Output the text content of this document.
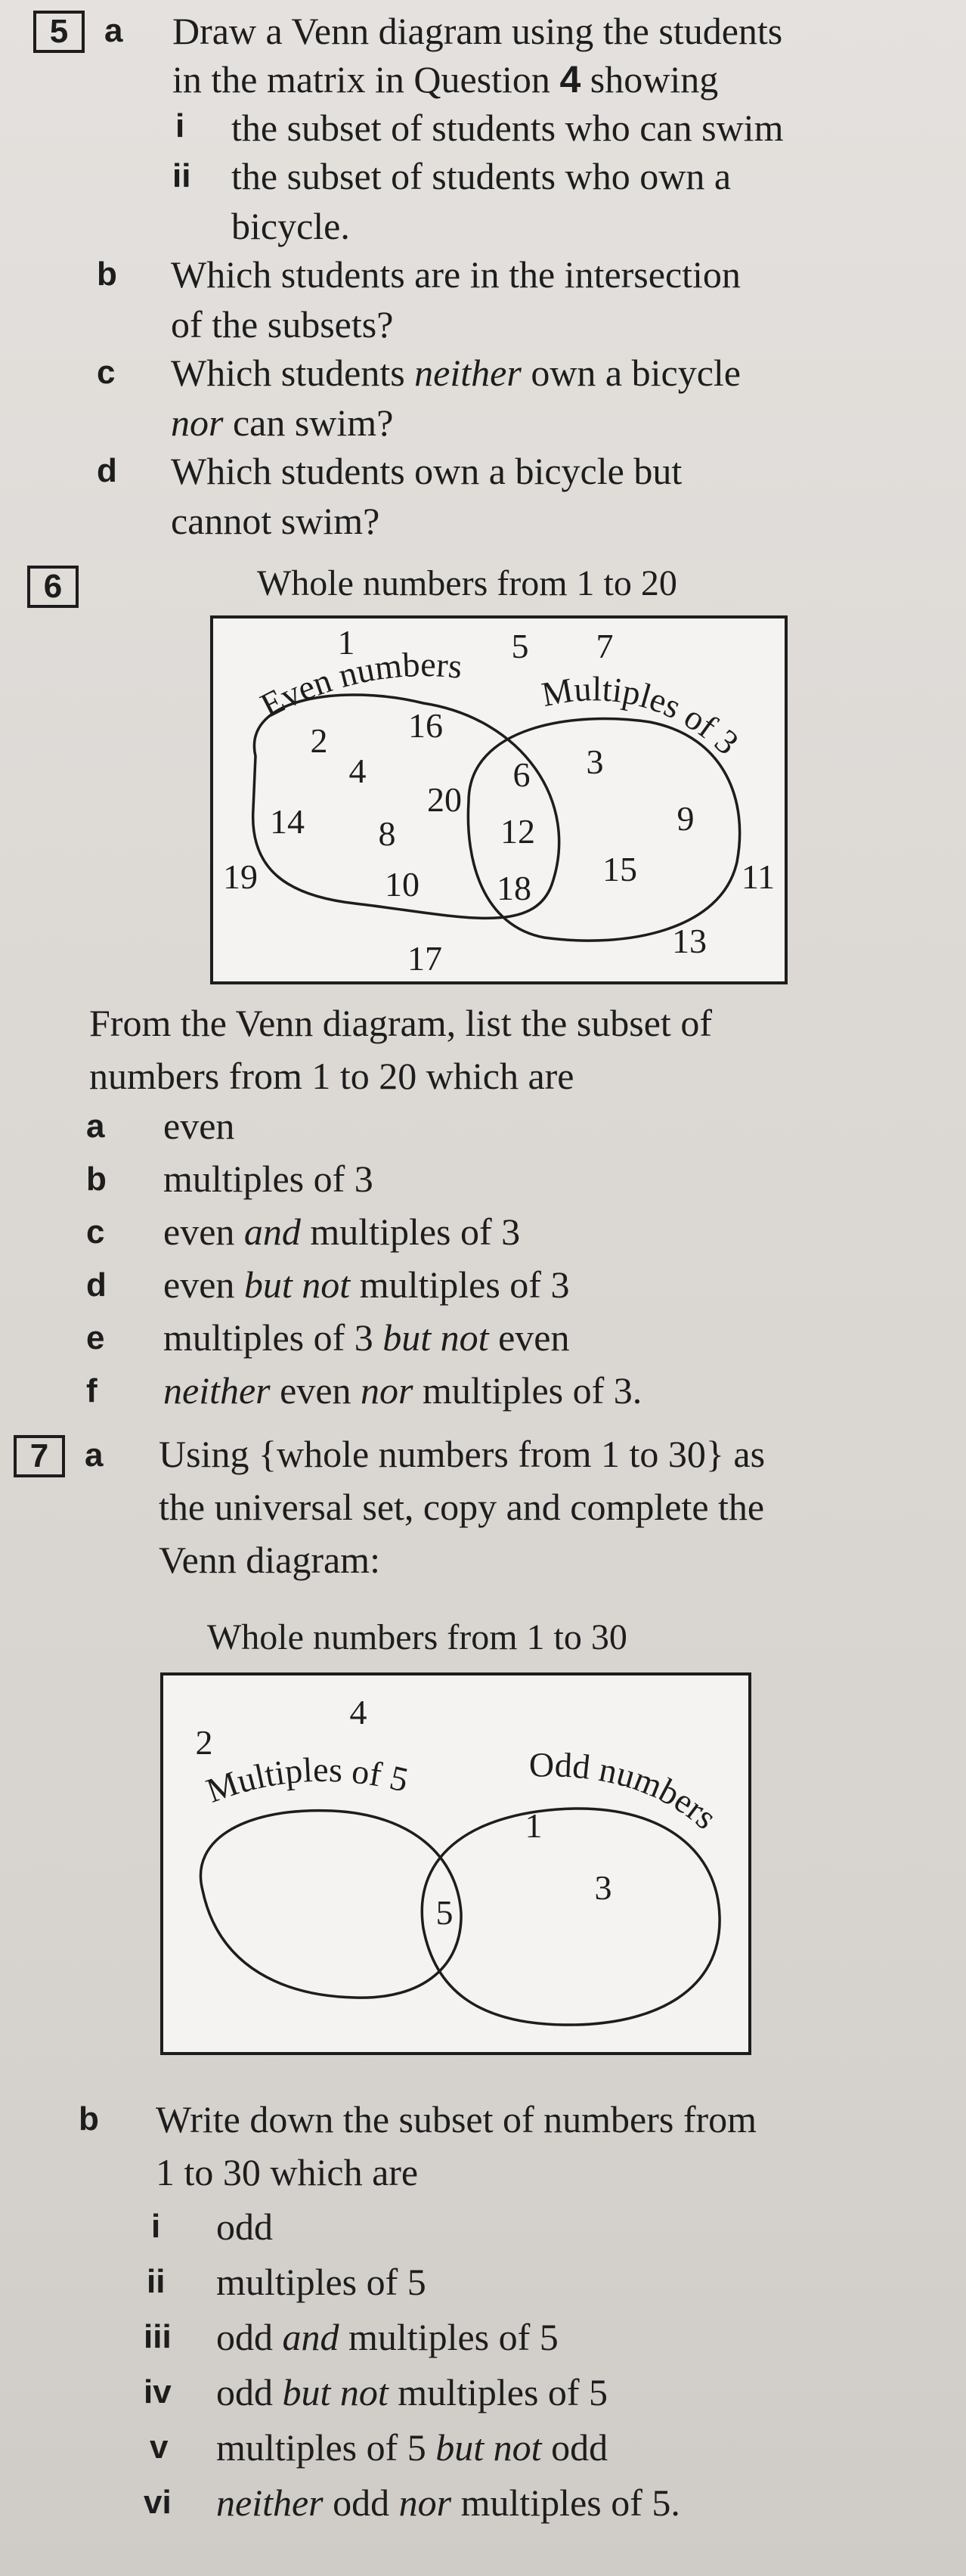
5	a Draw a Venn diagram using the students
in the matrix in Question 4 showing
i the subset of students who can swim
ii the subset of students who own a
bicycle.
b Which students are in the intersection
of the subsets?
c Which students neither own a bicycle
nor can swim?
d Which students own a bicycle but
cannot swim?
6	Whole numbers from 1 to 20
Even numbers
Multiples of 3
1	5 7
19	11
17	13
16
2
4
14 8
20
10
6
12
18
3
9
15
From the Venn diagram, list the subset of
numbers from 1 to 20 which are
a even
b multiples of 3
c even and multiples of 3
d even but not multiples of 3
e multiples of 3 but not even
f neither even nor multiples of 3.
7	a Using {whole numbers from 1 to 30} as
the universal set, copy and complete the
Venn diagram:
Whole numbers from 1 to 30
Multiples of 5	Odd numbers
4
2
5
1
3
b Write down the subset of numbers from
1 to 30 which are
i odd
ii multiples of 5
iii odd and multiples of 5
iv odd but not multiples of 5
v multiples of 5 but not odd
vi neither odd nor multiples of 5.
